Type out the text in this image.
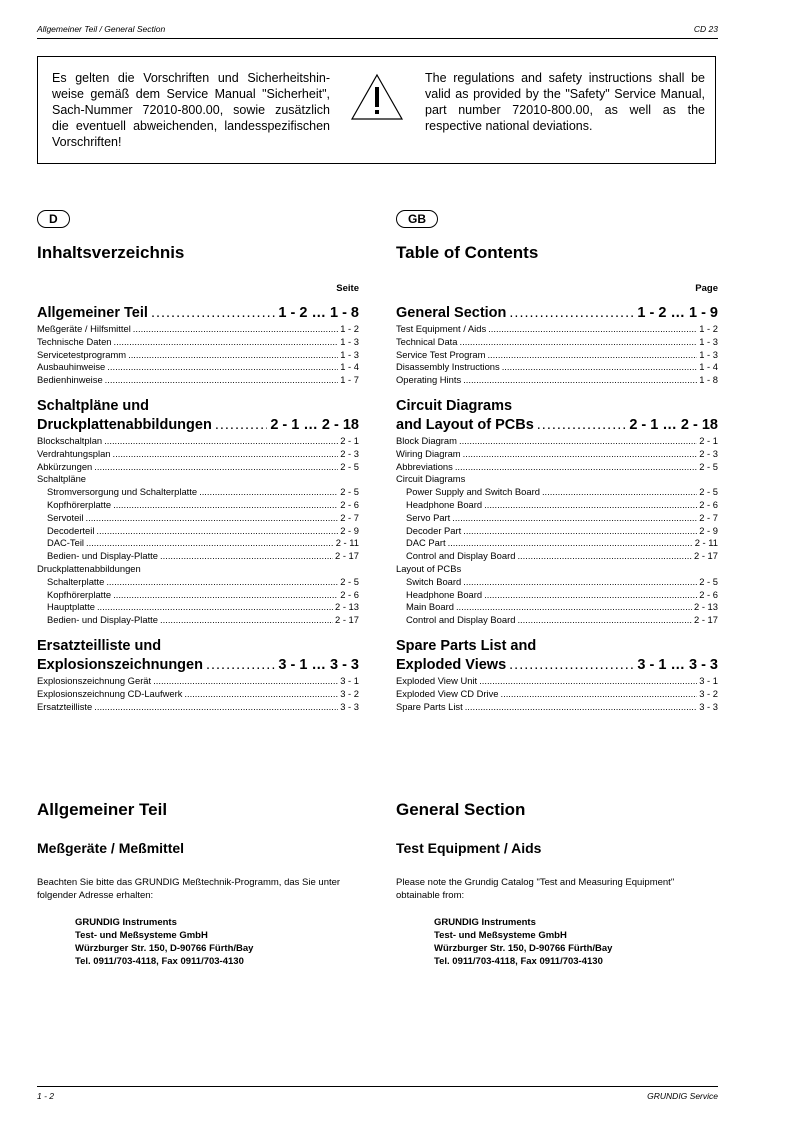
Allgemeiner Teil / General Section	CD 23
Es gelten die Vorschriften und Sicherheitshin-weise gemäß dem Service Manual "Sicherheit", Sach-Nummer 72010-800.00, sowie zusätzlich die eventuell abweichenden, landesspezifischen Vorschriften!
The regulations and safety instructions shall be valid as provided by the "Safety" Service Manual, part number 72010-800.00, as well as the respective national deviations.
D
Inhaltsverzeichnis
Seite
Allgemeiner Teil .....	1 - 2 … 1 - 8
Meßgeräte / Hilfsmittel .....	1 - 2
Technische Daten .....	1 - 3
Servicetestprogramm .....	1 - 3
Ausbauhinweise .....	1 - 4
Bedienhinweise .....	1 - 7
Schaltpläne und
Druckplattenabbildungen .....	2 - 1 … 2 - 18
Blockschaltplan .....	2 - 1
Verdrahtungsplan .....	2 - 3
Abkürzungen .....	2 - 5
Schaltpläne
Stromversorgung und Schalterplatte .....	2 - 5
Kopfhörerplatte .....	2 - 6
Servoteil .....	2 - 7
Decoderteil .....	2 - 9
DAC-Teil .....	2 - 11
Bedien- und Display-Platte .....	2 - 17
Druckplattenabbildungen
Schalterplatte .....	2 - 5
Kopfhörerplatte .....	2 - 6
Hauptplatte .....	2 - 13
Bedien- und Display-Platte .....	2 - 17
Ersatzteilliste und
Explosionszeichnungen .....	3 - 1 … 3 - 3
Explosionszeichnung Gerät .....	3 - 1
Explosionszeichnung CD-Laufwerk .....	3 - 2
Ersatzteilliste .....	3 - 3
GB
Table of Contents
Page
General Section .....	1 - 2 … 1 - 9
Test Equipment / Aids .....	1 - 2
Technical Data .....	1 - 3
Service Test Program .....	1 - 3
Disassembly Instructions .....	1 - 4
Operating Hints .....	1 - 8
Circuit Diagrams
and Layout of PCBs .....	2 - 1 … 2 - 18
Block Diagram .....	2 - 1
Wiring Diagram .....	2 - 3
Abbreviations .....	2 - 5
Circuit Diagrams
Power Supply and Switch Board .....	2 - 5
Headphone Board .....	2 - 6
Servo Part .....	2 - 7
Decoder Part .....	2 - 9
DAC Part .....	2 - 11
Control and Display Board .....	2 - 17
Layout of PCBs
Switch Board .....	2 - 5
Headphone Board .....	2 - 6
Main Board .....	2 - 13
Control and Display Board .....	2 - 17
Spare Parts List and
Exploded Views .....	3 - 1 … 3 - 3
Exploded View Unit .....	3 - 1
Exploded View CD Drive .....	3 - 2
Spare Parts List .....	3 - 3
Allgemeiner Teil
Meßgeräte / Meßmittel
Beachten Sie bitte das GRUNDIG Meßtechnik-Programm, das Sie unter folgender Adresse erhalten:
GRUNDIG Instruments
Test- und Meßsysteme GmbH
Würzburger Str. 150, D-90766 Fürth/Bay
Tel. 0911/703-4118, Fax 0911/703-4130
General Section
Test Equipment / Aids
Please note the Grundig Catalog "Test and Measuring Equipment" obtainable from:
GRUNDIG Instruments
Test- und Meßsysteme GmbH
Würzburger Str. 150, D-90766 Fürth/Bay
Tel. 0911/703-4118, Fax 0911/703-4130
1 - 2	GRUNDIG Service
